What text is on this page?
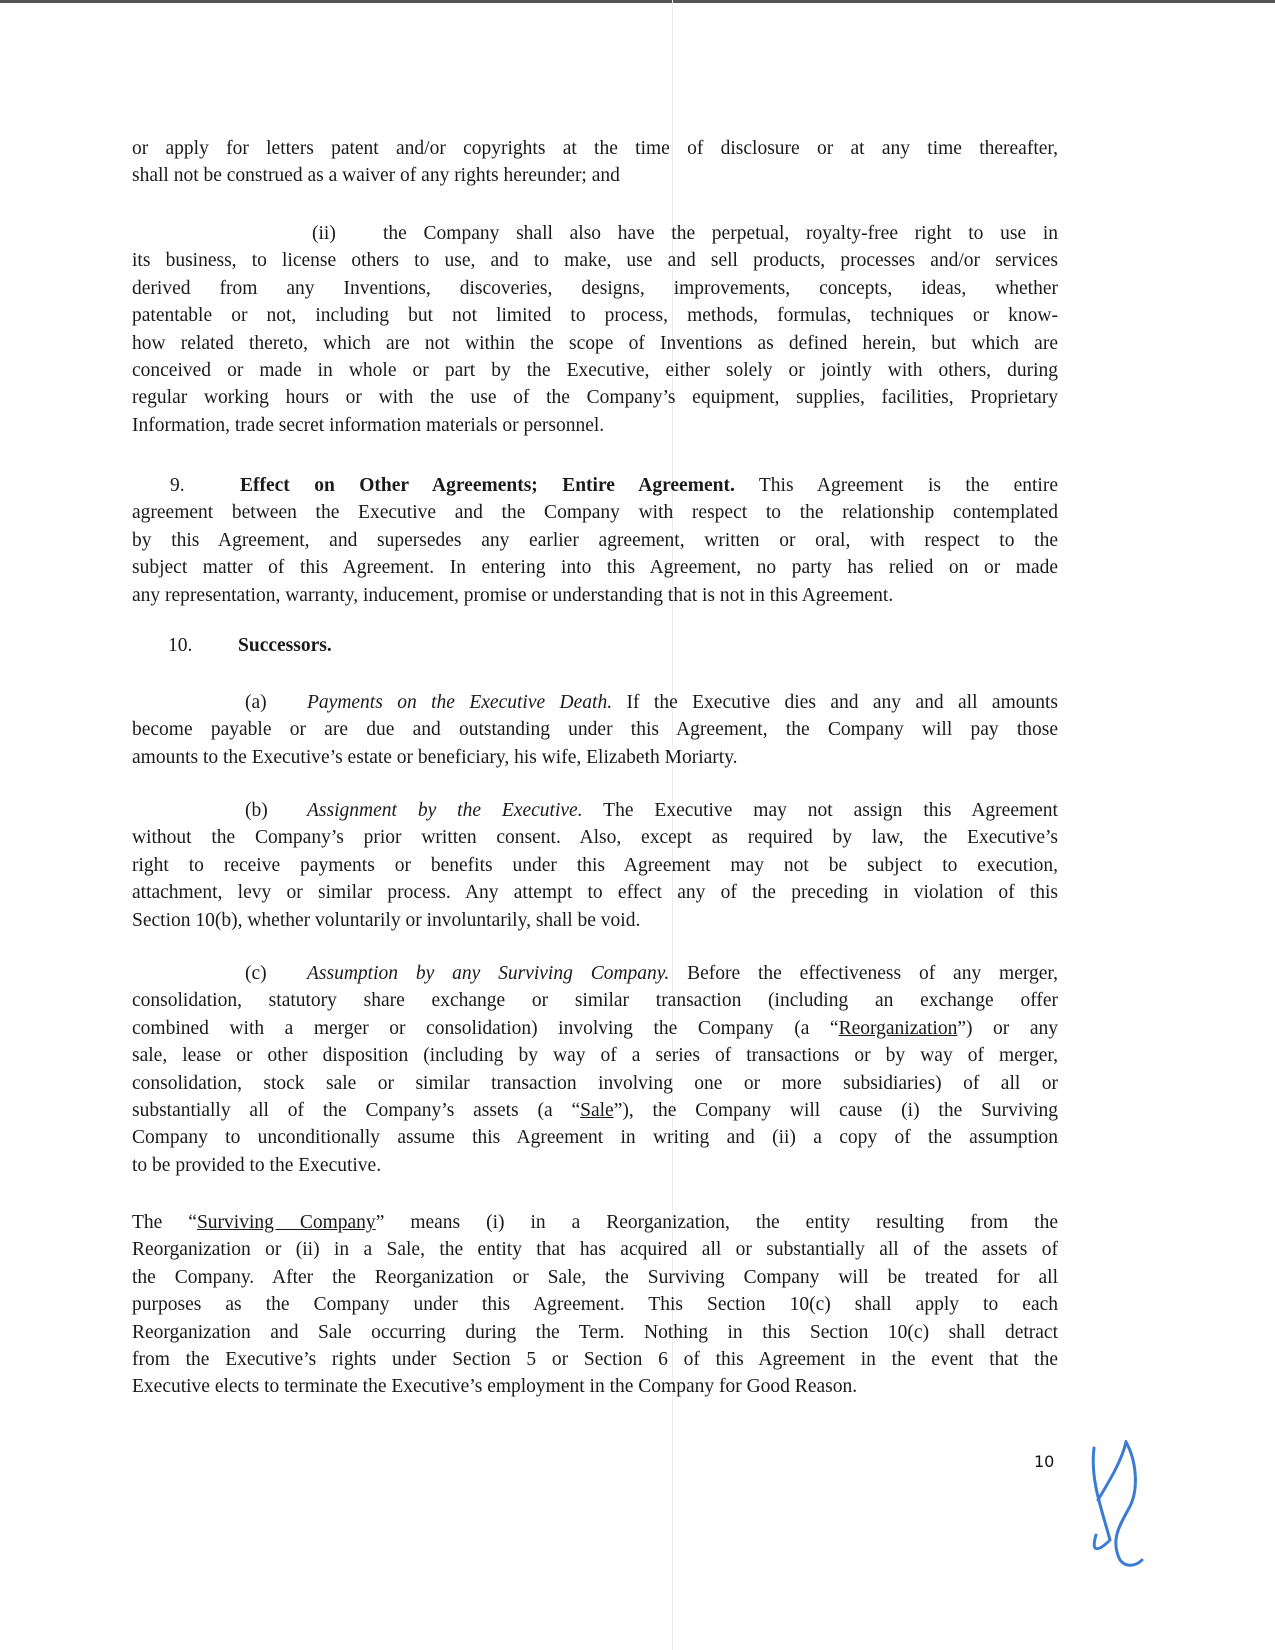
or apply for letters patent and/or copyrights at the time of disclosure or at any time thereafter,
shall not be construed as a waiver of any rights hereunder; and
(ii) the Company shall also have the perpetual, royalty-free right to use in
its business, to license others to use, and to make, use and sell products, processes and/or services
derived from any Inventions, discoveries, designs, improvements, concepts, ideas, whether
patentable or not, including but not limited to process, methods, formulas, techniques or know-
how related thereto, which are not within the scope of Inventions as defined herein, but which are
conceived or made in whole or part by the Executive, either solely or jointly with others, during
regular working hours or with the use of the Company’s equipment, supplies, facilities, Proprietary
Information, trade secret information materials or personnel.
9.	Effect on Other Agreements; Entire Agreement. This Agreement is the entire
agreement between the Executive and the Company with respect to the relationship contemplated
by this Agreement, and supersedes any earlier agreement, written or oral, with respect to the
subject matter of this Agreement. In entering into this Agreement, no party has relied on or made
any representation, warranty, inducement, promise or understanding that is not in this Agreement.
10. Successors.
(a) Payments on the Executive Death. If the Executive dies and any and all amounts
become payable or are due and outstanding under this Agreement, the Company will pay those
amounts to the Executive’s estate or beneficiary, his wife, Elizabeth Moriarty.
(b) Assignment by the Executive. The Executive may not assign this Agreement
without the Company’s prior written consent. Also, except as required by law, the Executive’s
right to receive payments or benefits under this Agreement may not be subject to execution,
attachment, levy or similar process. Any attempt to effect any of the preceding in violation of this
Section 10(b), whether voluntarily or involuntarily, shall be void.
(c) Assumption by any Surviving Company. Before the effectiveness of any merger,
consolidation, statutory share exchange or similar transaction (including an exchange offer
combined with a merger or consolidation) involving the Company (a “Reorganization”) or any
sale, lease or other disposition (including by way of a series of transactions or by way of merger,
consolidation, stock sale or similar transaction involving one or more subsidiaries) of all or
substantially all of the Company’s assets (a “Sale”), the Company will cause (i) the Surviving
Company to unconditionally assume this Agreement in writing and (ii) a copy of the assumption
to be provided to the Executive.
The “Surviving Company” means (i) in a Reorganization, the entity resulting from the
Reorganization or (ii) in a Sale, the entity that has acquired all or substantially all of the assets of
the Company. After the Reorganization or Sale, the Surviving Company will be treated for all
purposes as the Company under this Agreement. This Section 10(c) shall apply to each
Reorganization and Sale occurring during the Term. Nothing in this Section 10(c) shall detract
from the Executive’s rights under Section 5 or Section 6 of this Agreement in the event that the
Executive elects to terminate the Executive’s employment in the Company for Good Reason.
10
